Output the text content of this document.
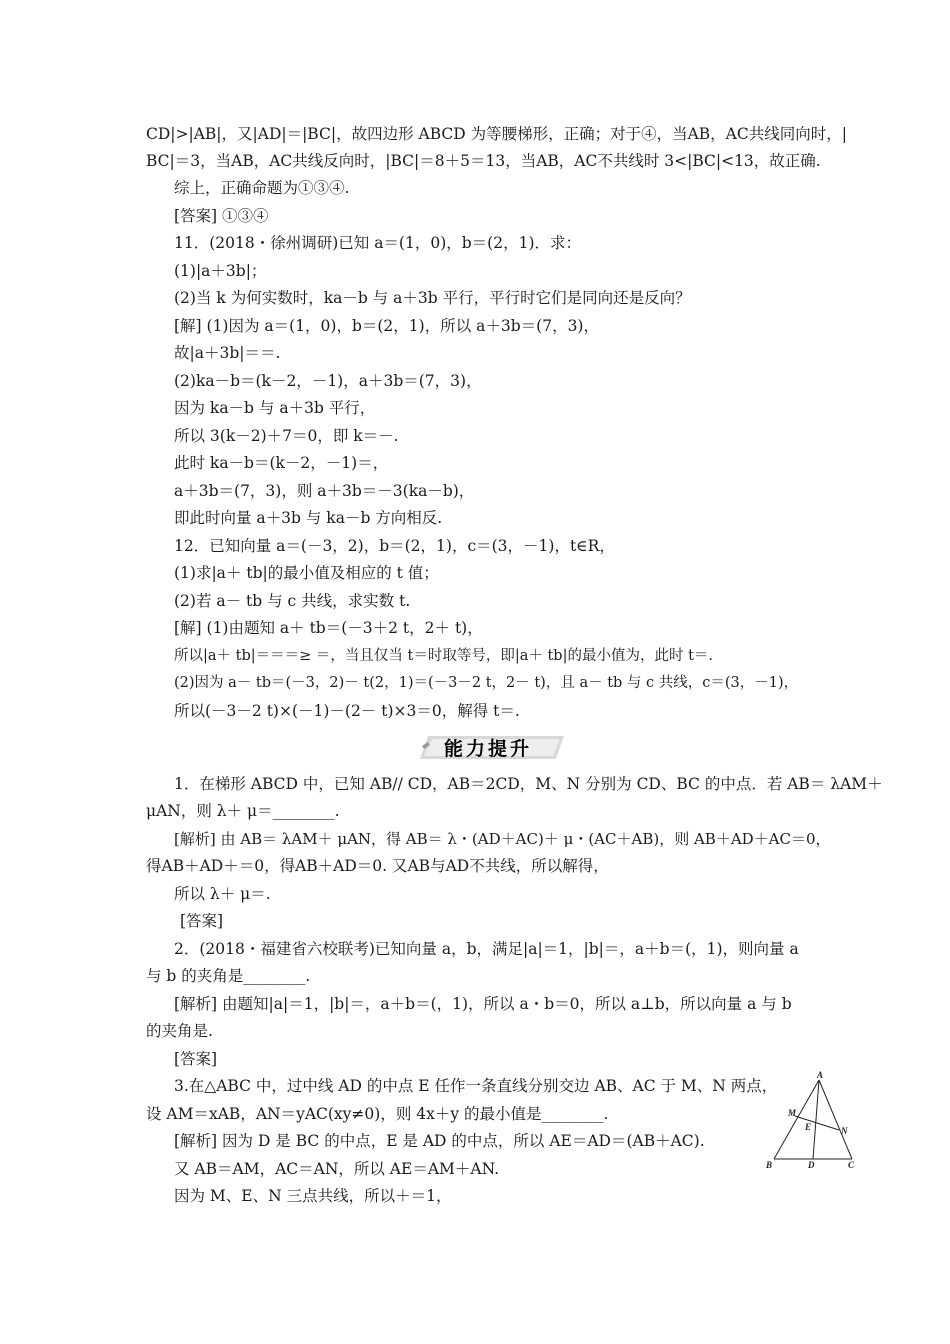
CD|>|AB|，又|AD|＝|BC|，故四边形 ABCD 为等腰梯形，正确；对于④，当AB，AC共线同向时，|
BC|＝3，当AB，AC共线反向时，|BC|＝8＋5＝13，当AB，AC不共线时 3<|BC|<13，故正确.
综上，正确命题为①③④.
[答案] ①③④
11．(2018・徐州调研)已知 a＝(1，0)，b＝(2，1)．求：
(1)|a＋3b|；
(2)当 k 为何实数时，ka－b 与 a＋3b 平行，平行时它们是同向还是反向？
[解] (1)因为 a＝(1，0)，b＝(2，1)，所以 a＋3b＝(7，3)，
故|a＋3b|＝＝.
(2)ka－b＝(k－2，－1)，a＋3b＝(7，3)，
因为 ka－b 与 a＋3b 平行，
所以 3(k－2)＋7＝0，即 k＝－.
此时 ka－b＝(k－2，－1)＝，
a＋3b＝(7，3)，则 a＋3b＝－3(ka－b)，
即此时向量 a＋3b 与 ka－b 方向相反.
12．已知向量 a＝(－3，2)，b＝(2，1)，c＝(3，－1)，t∈R，
(1)求|a＋ tb|的最小值及相应的 t 值；
(2)若 a－ tb 与 c 共线，求实数 t.
[解] (1)由题知 a＋ tb＝(－3＋2 t，2＋ t)，
所以|a＋ tb|＝＝＝≥ ＝，当且仅当 t＝时取等号，即|a＋ tb|的最小值为，此时 t＝.
(2)因为 a－ tb＝(－3，2)－ t(2，1)＝(－3－2 t，2－ t)，且 a－ tb 与 c 共线，c＝(3，－1)，
所以(－3－2 t)×(－1)－(2－ t)×3＝0，解得 t＝.
能力提升
1．在梯形 ABCD 中，已知 AB// CD，AB＝2CD，M、N 分别为 CD、BC 的中点．若 AB＝ λAM＋
μAN，则 λ＋ μ＝________.
[解析] 由 AB＝ λAM＋ μAN，得 AB＝ λ・(AD＋AC)＋ μ・(AC＋AB)，则 AB＋AD＋AC＝0，
得AB＋AD＋＝0，得AB＋AD＝0. 又AB与AD不共线，所以解得，
所以 λ＋ μ＝.
[答案]
2．(2018・福建省六校联考)已知向量 a，b，满足|a|＝1，|b|＝，a＋b＝(，1)，则向量 a
与 b 的夹角是________.
[解析] 由题知|a|＝1，|b|＝，a＋b＝(，1)，所以 a・b＝0，所以 a⊥b，所以向量 a 与 b
的夹角是.
[答案]
3.在△ABC 中，过中线 AD 的中点 E 任作一条直线分别交边 AB、AC 于 M、N 两点，
设 AM＝xAB，AN＝yAC(xy≠0)，则 4x＋y 的最小值是________.
[解析] 因为 D 是 BC 的中点，E 是 AD 的中点，所以 AE＝AD＝(AB＋AC).
又 AB＝AM，AC＝AN，所以 AE＝AM＋AN.
因为 M、E、N 三点共线，所以＋＝1，
A
B	C
D
E
M
N
